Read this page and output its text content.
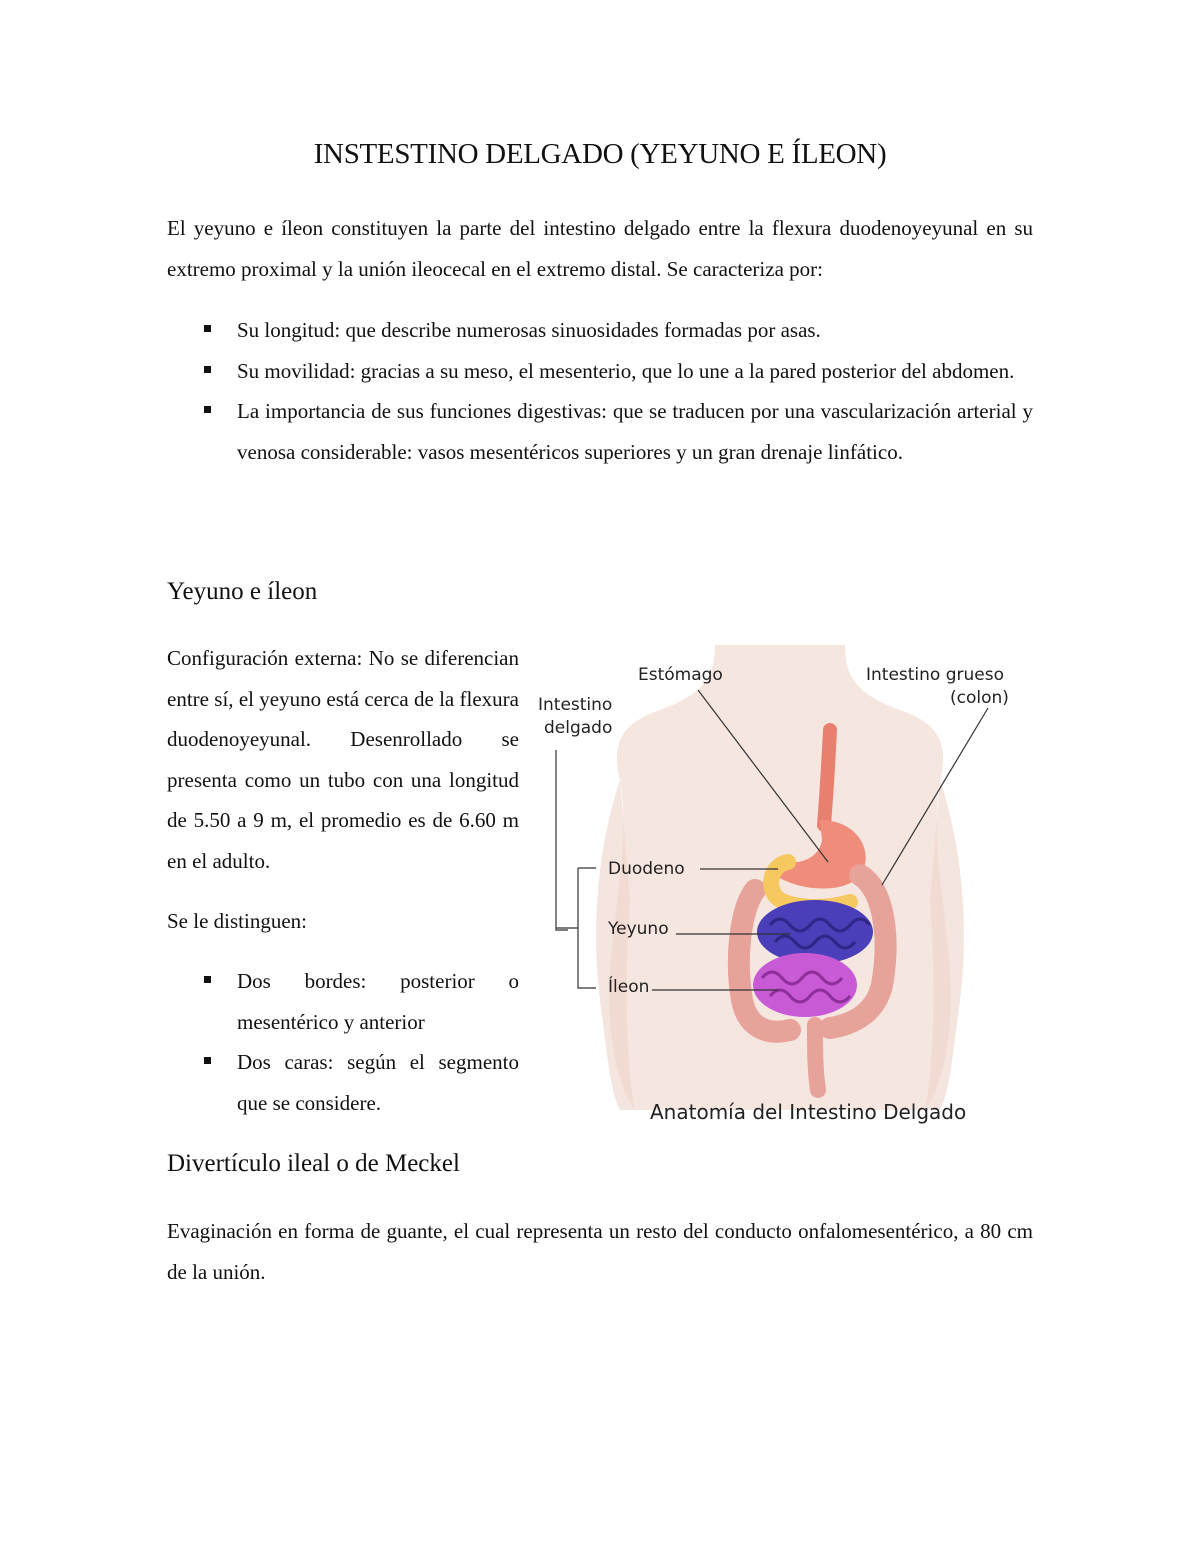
INSTESTINO DELGADO (YEYUNO E ÍLEON)

El yeyuno e íleon constituyen la parte del intestino delgado entre la flexura duodenoyeyunal en su extremo proximal y la unión ileocecal en el extremo distal. Se caracteriza por:

Su longitud: que describe numerosas sinuosidades formadas por asas.
Su movilidad: gracias a su meso, el mesenterio, que lo une a la pared posterior del abdomen.
La importancia de sus funciones digestivas: que se traducen por una vascularización arterial y venosa considerable: vasos mesentéricos superiores y un gran drenaje linfático.
Yeyuno e íleon

Configuración externa: No se diferencian entre sí, el yeyuno está cerca de la flexura duodenoyeyunal. Desenrollado se presenta como un tubo con una longitud de 5.50 a 9 m, el promedio es de 6.60 m en el adulto.

Se le distinguen:

Dos bordes: posterior o mesentérico y anterior
Dos caras: según el segmento que se considere.
Estómago	Intestino grueso
(colon)
Intestino
delgado
Duodeno
Yeyuno
Íleon
Anatomía del Intestino Delgado
Divertículo ileal o de Meckel

Evaginación en forma de guante, el cual representa un resto del conducto onfalomesentérico, a 80 cm de la unión.
